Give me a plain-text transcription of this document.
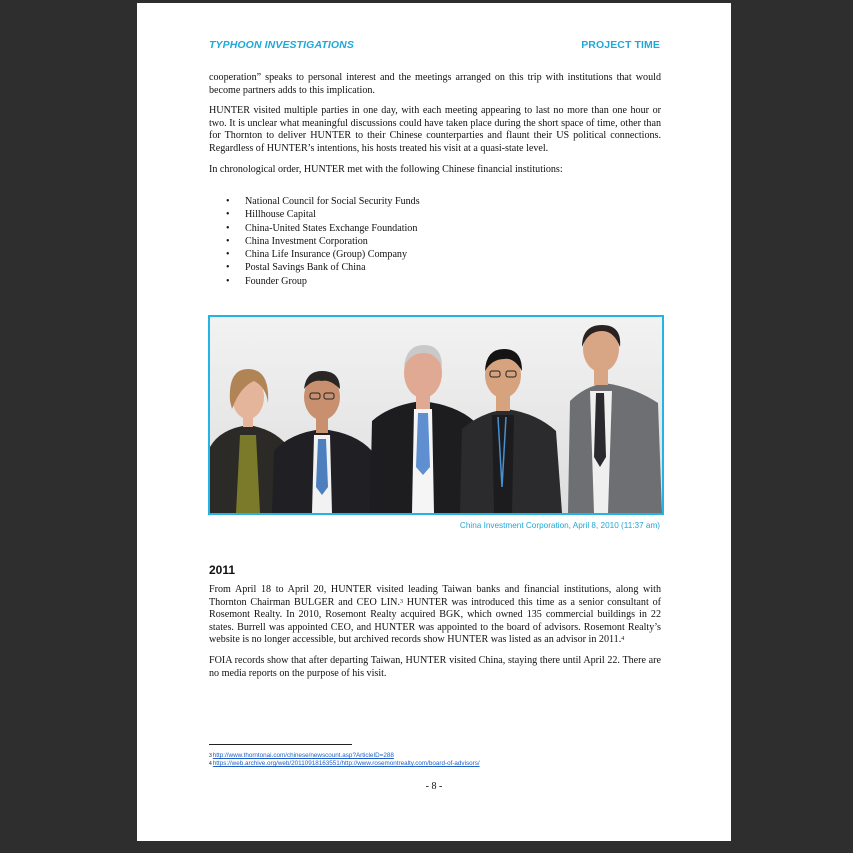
TYPHOON INVESTIGATIONS	PROJECT TIME

cooperation” speaks to personal interest and the meetings arranged on this trip with institutions that would become partners adds to this implication.

HUNTER visited multiple parties in one day, with each meeting appearing to last no more than one hour or two. It is unclear what meaningful discussions could have taken place during the short space of time, other than for Thornton to deliver HUNTER to their Chinese counterparties and flaunt their US political connections. Regardless of HUNTER’s intentions, his hosts treated his visit at a quasi-state level.

In chronological order, HUNTER met with the following Chinese financial institutions:

• National Council for Social Security Funds
• Hillhouse Capital
• China-United States Exchange Foundation
• China Investment Corporation
• China Life Insurance (Group) Company
• Postal Savings Bank of China
• Founder Group
China Investment Corporation, April 8, 2010 (11:37 am)
2011

From April 18 to April 20, HUNTER visited leading Taiwan banks and financial institutions, along with Thornton Chairman BULGER and CEO LIN.$^3$ HUNTER was introduced this time as a senior consultant of Rosemont Realty. In 2010, Rosemont Realty acquired BGK, which owned 135 commercial buildings in 22 states. Burrell was appointed CEO, and HUNTER was appointed to the board of advisors. Rosemont Realty’s website is no longer accessible, but archived records show HUNTER was listed as an advisor in 2011.$^4$

FOIA records show that after departing Taiwan, HUNTER visited China, staying there until April 22. There are no media reports on the purpose of his visit.

$^3$http://www.thorntonai.com/chinese/newscount.asp?ArticleID=288
$^4$https://web.archive.org/web/20110918163551/http://www.rosemontrealty.com/board-of-advisors/
- 8 -
